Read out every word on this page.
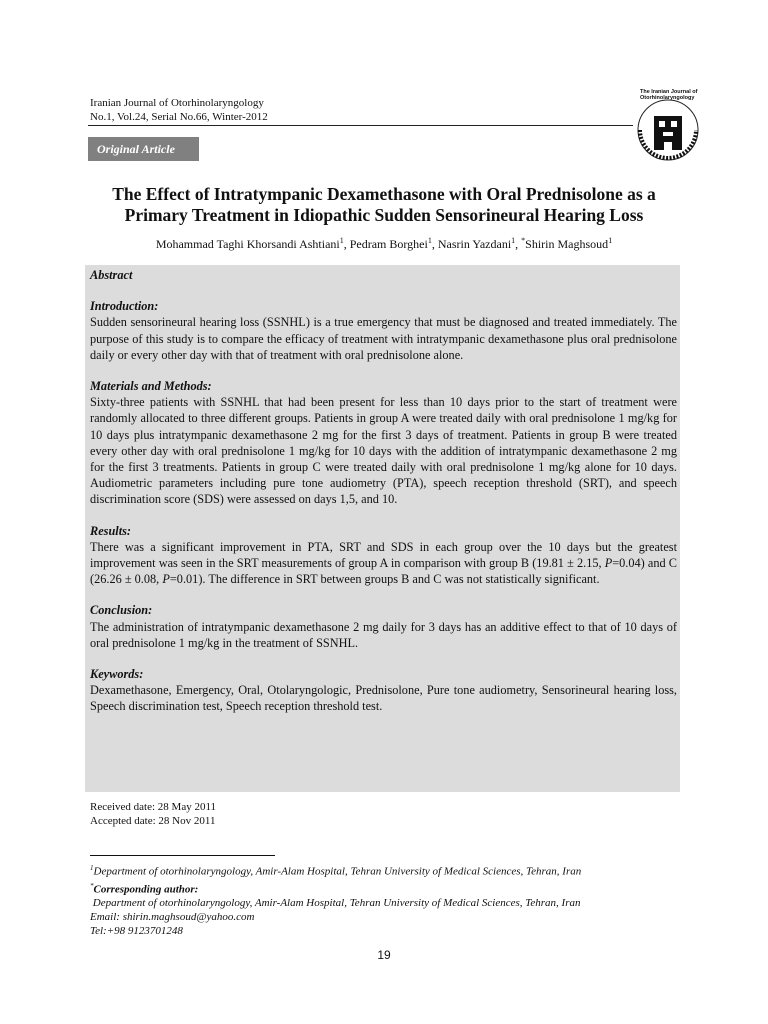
Iranian Journal of Otorhinolaryngology
No.1, Vol.24, Serial No.66, Winter-2012
The Iranian Journal of
Otorhinolaryngology
Original Article
The Effect of Intratympanic Dexamethasone with Oral Prednisolone as a
Primary Treatment in Idiopathic Sudden Sensorineural Hearing Loss
Mohammad Taghi Khorsandi Ashtiani$^1$, Pedram Borghei$^1$, Nasrin Yazdani$^1$, *Shirin Maghsoud$^1$

Abstract

Introduction:

Sudden sensorineural hearing loss (SSNHL) is a true emergency that must be diagnosed and treated immediately. The purpose of this study is to compare the efficacy of treatment with intratympanic dexamethasone plus oral prednisolone daily or every other day with that of treatment with oral prednisolone alone.

Materials and Methods:

Sixty-three patients with SSNHL that had been present for less than 10 days prior to the start of treatment were randomly allocated to three different groups. Patients in group A were treated daily with oral prednisolone 1 mg/kg for 10 days plus intratympanic dexamethasone 2 mg for the first 3 days of treatment. Patients in group B were treated every other day with oral prednisolone 1 mg/kg for 10 days with the addition of intratympanic dexamethasone 2 mg for the first 3 treatments. Patients in group C were treated daily with oral prednisolone 1 mg/kg alone for 10 days. Audiometric parameters including pure tone audiometry (PTA), speech reception threshold (SRT), and speech discrimination score (SDS) were assessed on days 1,5, and 10.

Results:

There was a significant improvement in PTA, SRT and SDS in each group over the 10 days but the greatest improvement was seen in the SRT measurements of group A in comparison with group B (19.81 ± 2.15, P=0.04) and C (26.26 ± 0.08, P=0.01). The difference in SRT between groups B and C was not statistically significant.

Conclusion:

The administration of intratympanic dexamethasone 2 mg daily for 3 days has an additive effect to that of 10 days of oral prednisolone 1 mg/kg in the treatment of SSNHL.

Keywords:

Dexamethasone, Emergency, Oral, Otolaryngologic, Prednisolone, Pure tone audiometry, Sensorineural hearing loss, Speech discrimination test, Speech reception threshold test.

Received date: 28 May 2011
Accepted date: 28 Nov 2011
$^1$Department of otorhinolaryngology, Amir-Alam Hospital, Tehran University of Medical Sciences, Tehran, Iran
*Corresponding author:
Department of otorhinolaryngology, Amir-Alam Hospital, Tehran University of Medical Sciences, Tehran, Iran
Email: shirin.maghsoud@yahoo.com
Tel:+98 9123701248
19
